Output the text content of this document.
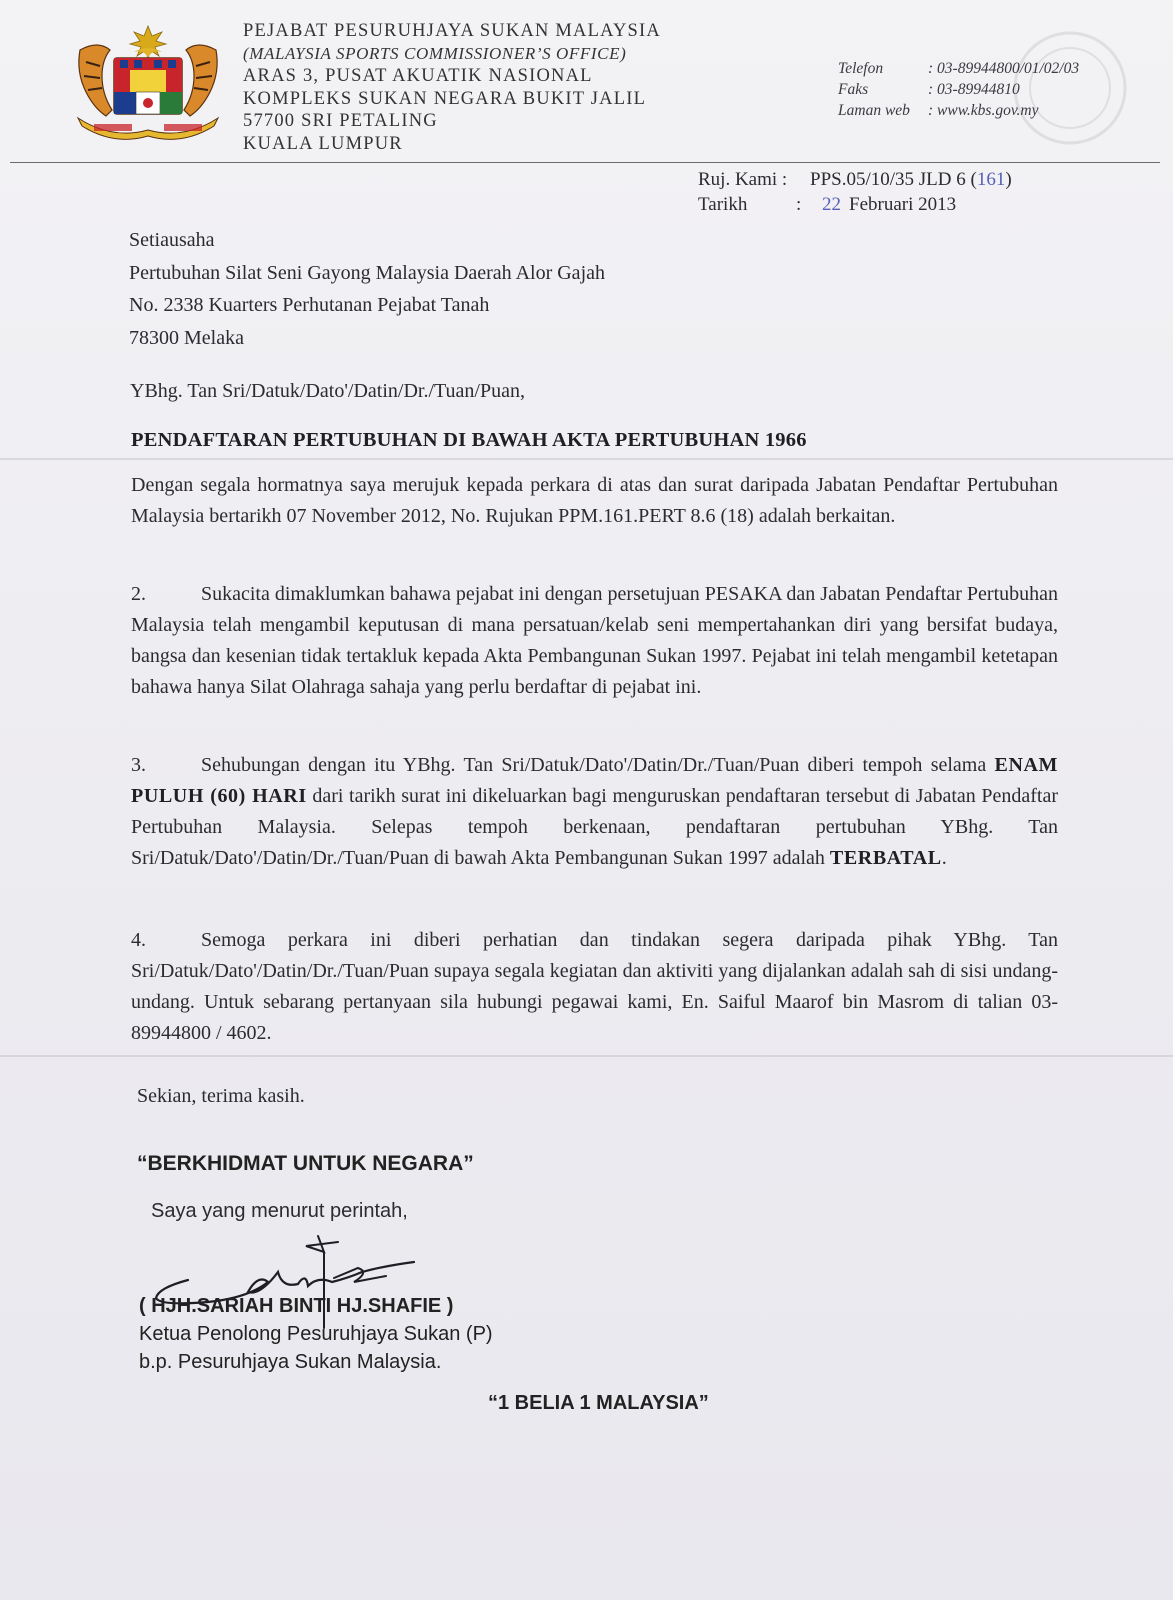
PEJABAT PESURUHJAYA SUKAN MALAYSIA
(MALAYSIA SPORTS COMMISSIONER’S OFFICE)
ARAS 3, PUSAT AKUATIK NASIONAL
KOMPLEKS SUKAN NEGARA BUKIT JALIL
57700 SRI PETALING
KUALA LUMPUR
Telefon	: 03-89944800/01/02/03
Faks	: 03-89944810
Laman web	: www.kbs.gov.my
Ruj. Kami :	PPS.05/10/35 JLD 6 ( 161 )
Tarikh	:	22 Februari 2013
Setiausaha
Pertubuhan Silat Seni Gayong Malaysia Daerah Alor Gajah
No. 2338 Kuarters Perhutanan Pejabat Tanah
78300 Melaka
YBhg. Tan Sri/Datuk/Dato'/Datin/Dr./Tuan/Puan,
PENDAFTARAN PERTUBUHAN DI BAWAH AKTA PERTUBUHAN 1966
Dengan segala hormatnya saya merujuk kepada perkara di atas dan surat daripada Jabatan Pendaftar Pertubuhan Malaysia bertarikh 07 November 2012, No. Rujukan PPM.161.PERT 8.6 (18) adalah berkaitan.
2.	Sukacita dimaklumkan bahawa pejabat ini dengan persetujuan PESAKA dan Jabatan Pendaftar Pertubuhan Malaysia telah mengambil keputusan di mana persatuan/kelab seni mempertahankan diri yang bersifat budaya, bangsa dan kesenian tidak tertakluk kepada Akta Pembangunan Sukan 1997. Pejabat ini telah mengambil ketetapan bahawa hanya Silat Olahraga sahaja yang perlu berdaftar di pejabat ini.
3.	Sehubungan dengan itu YBhg. Tan Sri/Datuk/Dato'/Datin/Dr./Tuan/Puan diberi tempoh selama ENAM PULUH (60) HARI dari tarikh surat ini dikeluarkan bagi menguruskan pendaftaran tersebut di Jabatan Pendaftar Pertubuhan Malaysia. Selepas tempoh berkenaan, pendaftaran pertubuhan YBhg. Tan Sri/Datuk/Dato'/Datin/Dr./Tuan/Puan di bawah Akta Pembangunan Sukan 1997 adalah TERBATAL.
4.	Semoga perkara ini diberi perhatian dan tindakan segera daripada pihak YBhg. Tan Sri/Datuk/Dato'/Datin/Dr./Tuan/Puan supaya segala kegiatan dan aktiviti yang dijalankan adalah sah di sisi undang-undang. Untuk sebarang pertanyaan sila hubungi pegawai kami, En. Saiful Maarof bin Masrom di talian 03-89944800 / 4602.
Sekian, terima kasih.
“BERKHIDMAT UNTUK NEGARA”
Saya yang menurut perintah,
( HJH.SARIAH BINTI HJ.SHAFIE )
Ketua Penolong Pesuruhjaya Sukan (P)
b.p. Pesuruhjaya Sukan Malaysia.
“1 BELIA 1 MALAYSIA”
